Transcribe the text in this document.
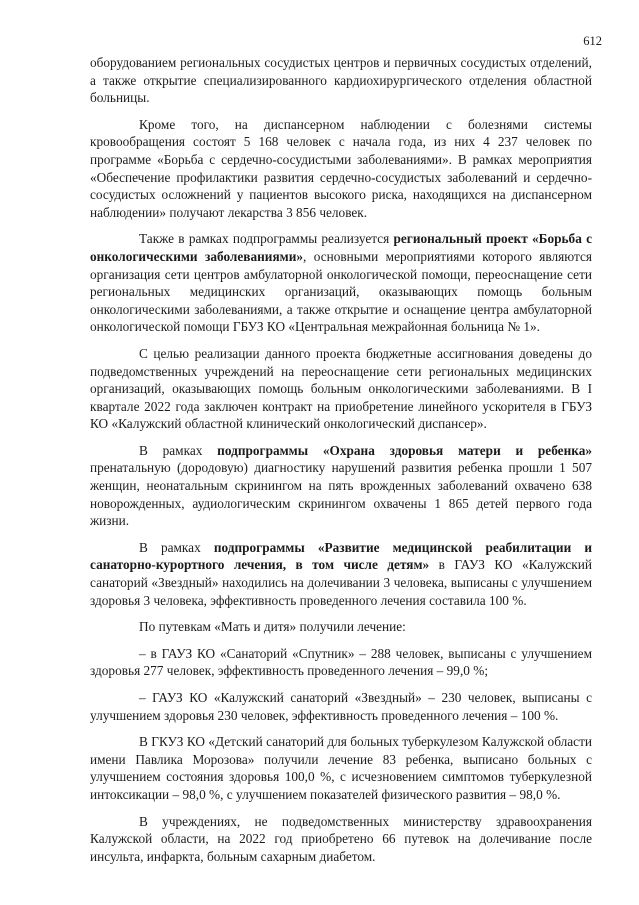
612

оборудованием региональных сосудистых центров и первичных сосудистых отделений, а также открытие специализированного кардиохирургического отделения областной больницы.

Кроме того, на диспансерном наблюдении с болезнями системы кровообращения состоят 5 168 человек с начала года, из них 4 237 человек по программе «Борьба с сердечно-сосудистыми заболеваниями». В рамках мероприятия «Обеспечение профилактики развития сердечно-сосудистых заболеваний и сердечно-сосудистых осложнений у пациентов высокого риска, находящихся на диспансерном наблюдении» получают лекарства 3 856 человек.

Также в рамках подпрограммы реализуется региональный проект «Борьба с онкологическими заболеваниями», основными мероприятиями которого являются организация сети центров амбулаторной онкологической помощи, переоснащение сети региональных медицинских организаций, оказывающих помощь больным онкологическими заболеваниями, а также открытие и оснащение центра амбулаторной онкологической помощи ГБУЗ КО «Центральная межрайонная больница № 1».

С целью реализации данного проекта бюджетные ассигнования доведены до подведомственных учреждений на переоснащение сети региональных медицинских организаций, оказывающих помощь больным онкологическими заболеваниями. В I квартале 2022 года заключен контракт на приобретение линейного ускорителя в ГБУЗ КО «Калужский областной клинический онкологический диспансер».

В рамках подпрограммы «Охрана здоровья матери и ребенка» пренатальную (дородовую) диагностику нарушений развития ребенка прошли 1 507 женщин, неонатальным скринингом на пять врожденных заболеваний охвачено 638 новорожденных, аудиологическим скринингом охвачены 1 865 детей первого года жизни.

В рамках подпрограммы «Развитие медицинской реабилитации и санаторно-курортного лечения, в том числе детям» в ГАУЗ КО «Калужский санаторий «Звездный» находились на долечивании 3 человека, выписаны с улучшением здоровья 3 человека, эффективность проведенного лечения составила 100 %.

По путевкам «Мать и дитя» получили лечение:

– в ГАУЗ КО «Санаторий «Спутник» – 288 человек, выписаны с улучшением здоровья 277 человек, эффективность проведенного лечения – 99,0 %;

– ГАУЗ КО «Калужский санаторий «Звездный» – 230 человек, выписаны с улучшением здоровья 230 человек, эффективность проведенного лечения – 100 %.

В ГКУЗ КО «Детский санаторий для больных туберкулезом Калужской области имени Павлика Морозова» получили лечение 83 ребенка, выписано больных с улучшением состояния здоровья 100,0 %, с исчезновением симптомов туберкулезной интоксикации – 98,0 %, с улучшением показателей физического развития – 98,0 %.

В учреждениях, не подведомственных министерству здравоохранения Калужской области, на 2022 год приобретено 66 путевок на долечивание после инсульта, инфаркта, больным сахарным диабетом.
